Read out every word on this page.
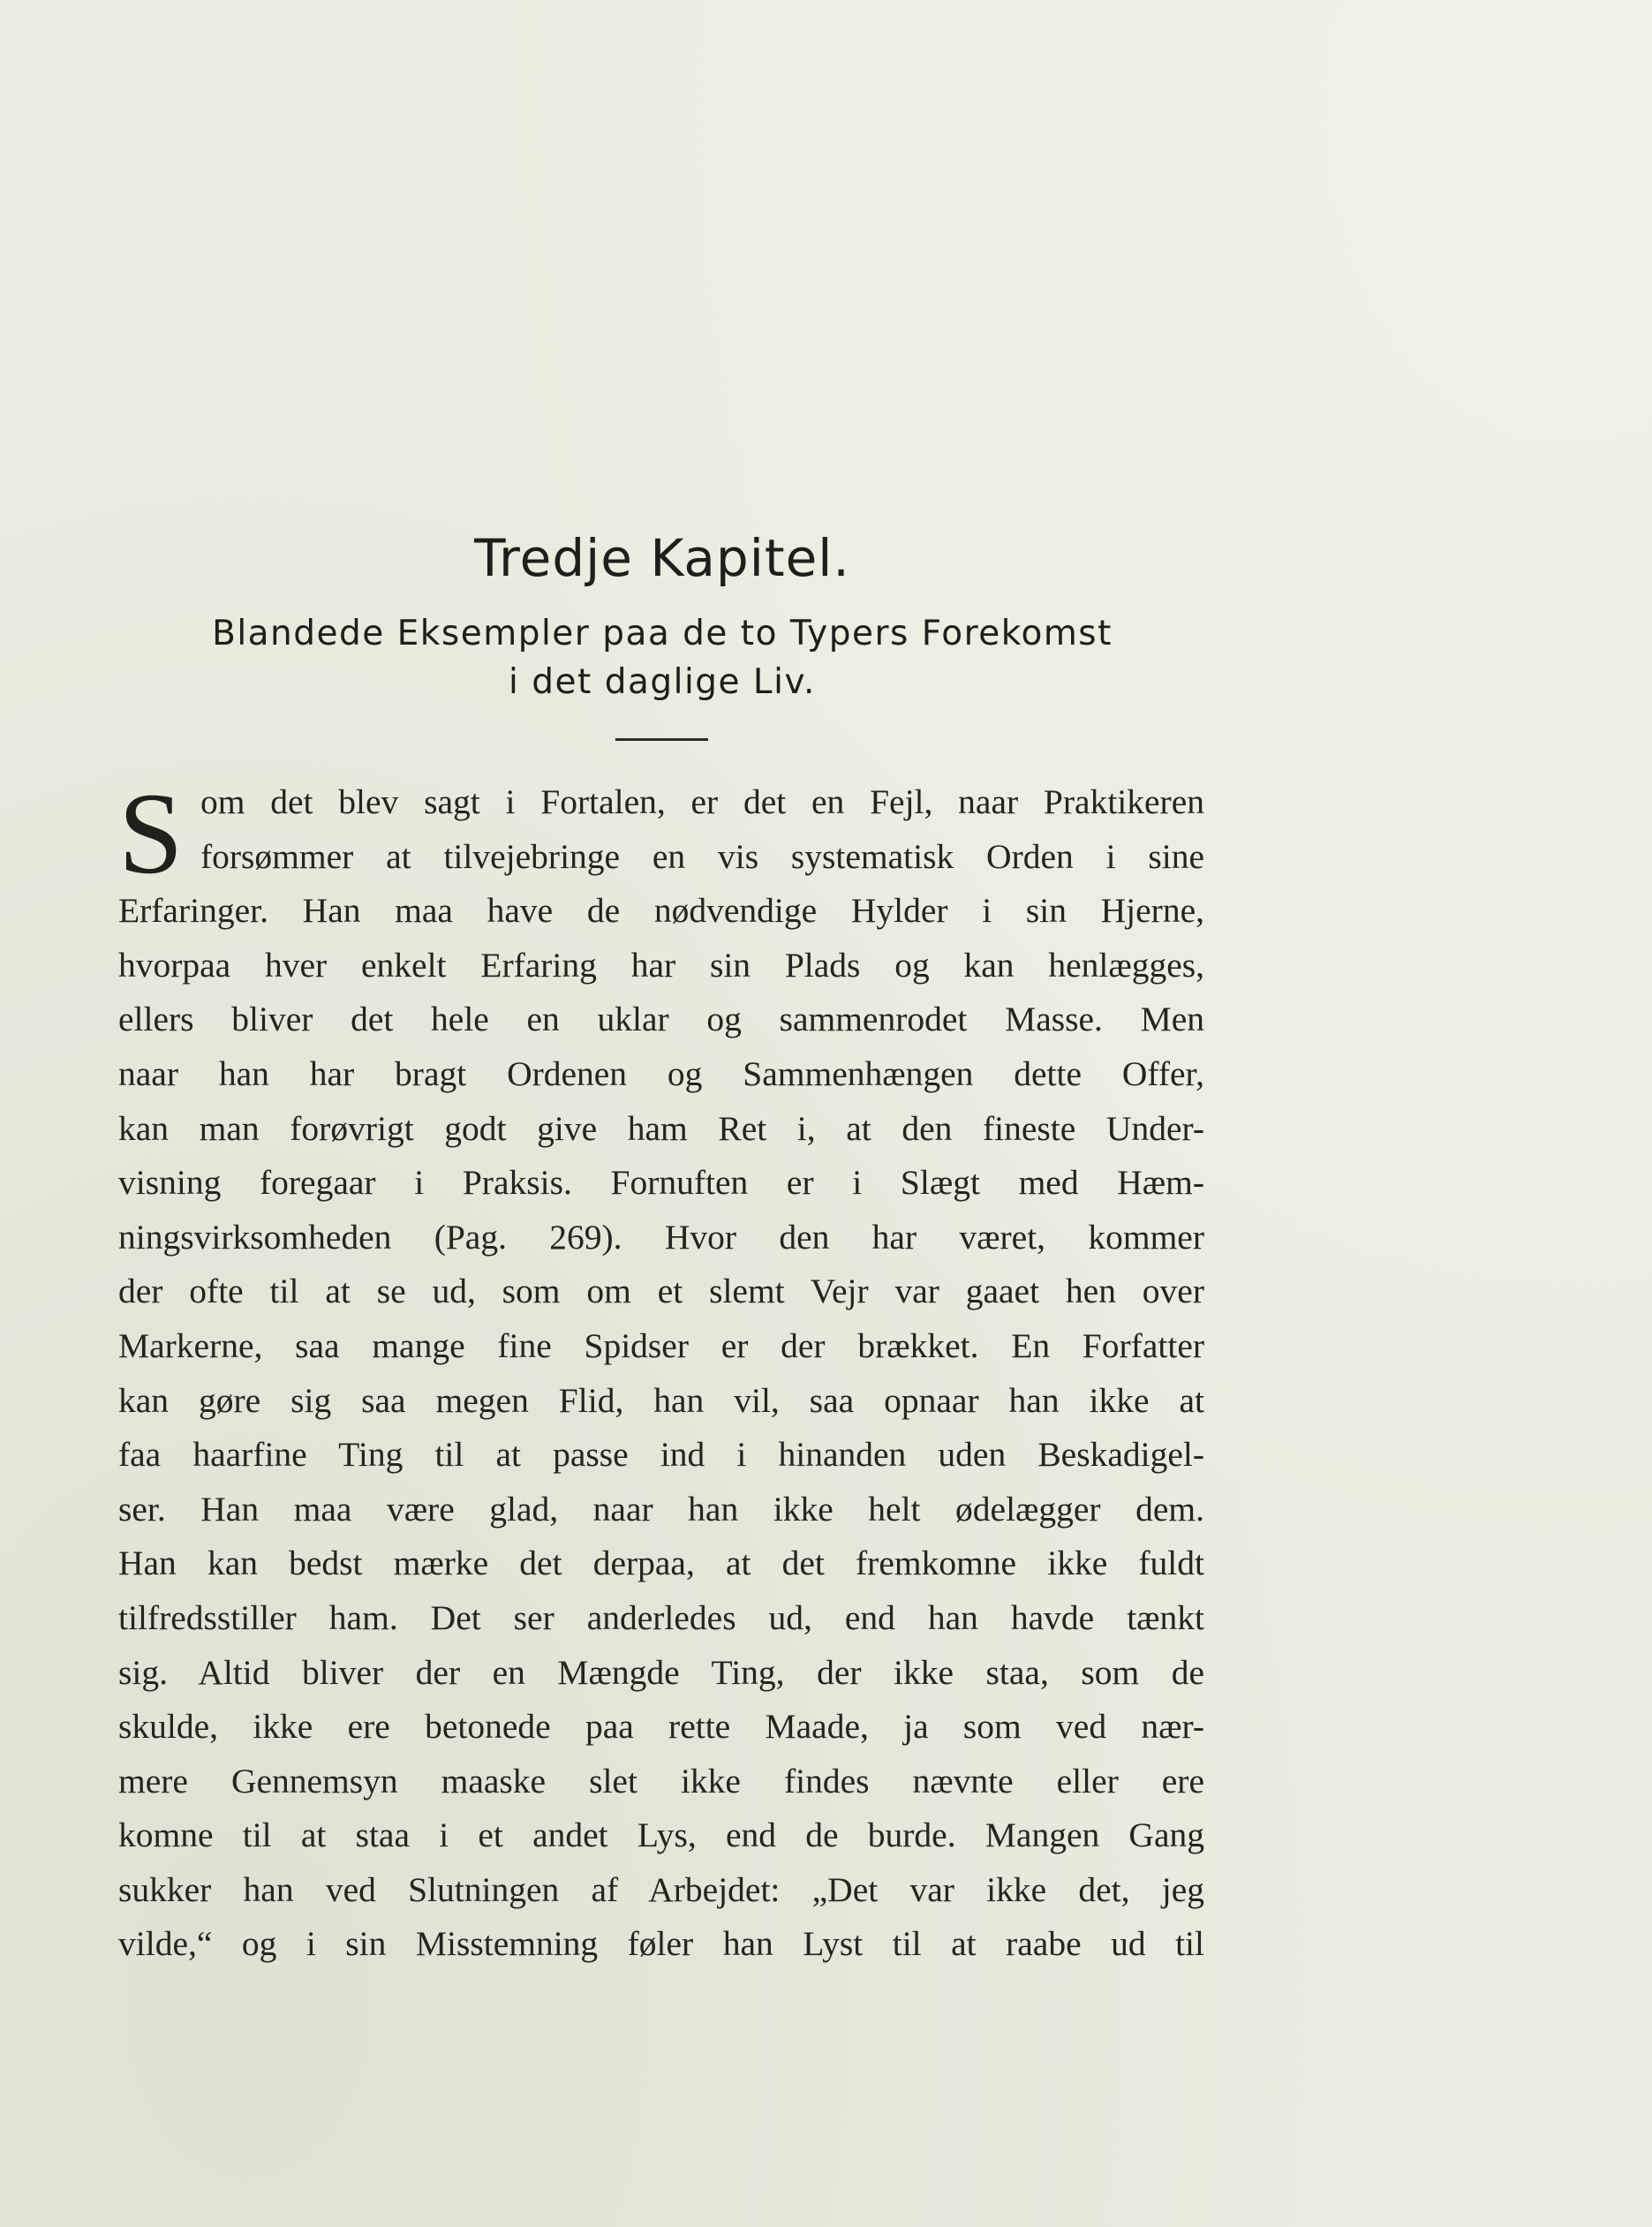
Tredje Kapitel.
Blandede Eksempler paa de to Typers Forekomst
i det daglige Liv.
S om det blev sagt i Fortalen, er det en Fejl, naar Praktikeren
forsømmer at tilvejebringe en vis systematisk Orden i sine
Erfaringer. Han maa have de nødvendige Hylder i sin Hjerne,
hvorpaa hver enkelt Erfaring har sin Plads og kan henlægges,
ellers bliver det hele en uklar og sammenrodet Masse. Men
naar han har bragt Ordenen og Sammenhængen dette Offer,
kan man forøvrigt godt give ham Ret i, at den fineste Under-
visning foregaar i Praksis. Fornuften er i Slægt med Hæm-
ningsvirksomheden (Pag. 269). Hvor den har været, kommer
der ofte til at se ud, som om et slemt Vejr var gaaet hen over
Markerne, saa mange fine Spidser er der brækket. En Forfatter
kan gøre sig saa megen Flid, han vil, saa opnaar han ikke at
faa haarfine Ting til at passe ind i hinanden uden Beskadigel-
ser. Han maa være glad, naar han ikke helt ødelægger dem.
Han kan bedst mærke det derpaa, at det fremkomne ikke fuldt
tilfredsstiller ham. Det ser anderledes ud, end han havde tænkt
sig. Altid bliver der en Mængde Ting, der ikke staa, som de
skulde, ikke ere betonede paa rette Maade, ja som ved nær-
mere Gennemsyn maaske slet ikke findes nævnte eller ere
komne til at staa i et andet Lys, end de burde. Mangen Gang
sukker han ved Slutningen af Arbejdet: „Det var ikke det, jeg
vilde,“ og i sin Misstemning føler han Lyst til at raabe ud til
